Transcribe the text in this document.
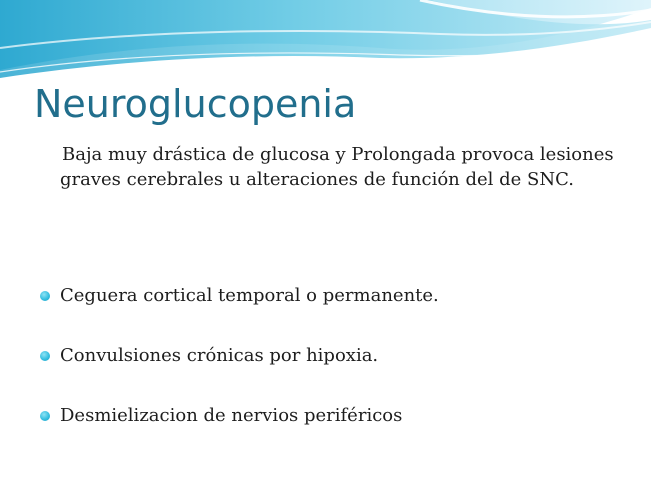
Neuroglucopenia
Baja muy drástica de glucosa y Prolongada provoca lesiones graves cerebrales u alteraciones de función del de SNC.
Ceguera cortical temporal o permanente.
Convulsiones crónicas por hipoxia.
Desmielizacion de nervios periféricos
